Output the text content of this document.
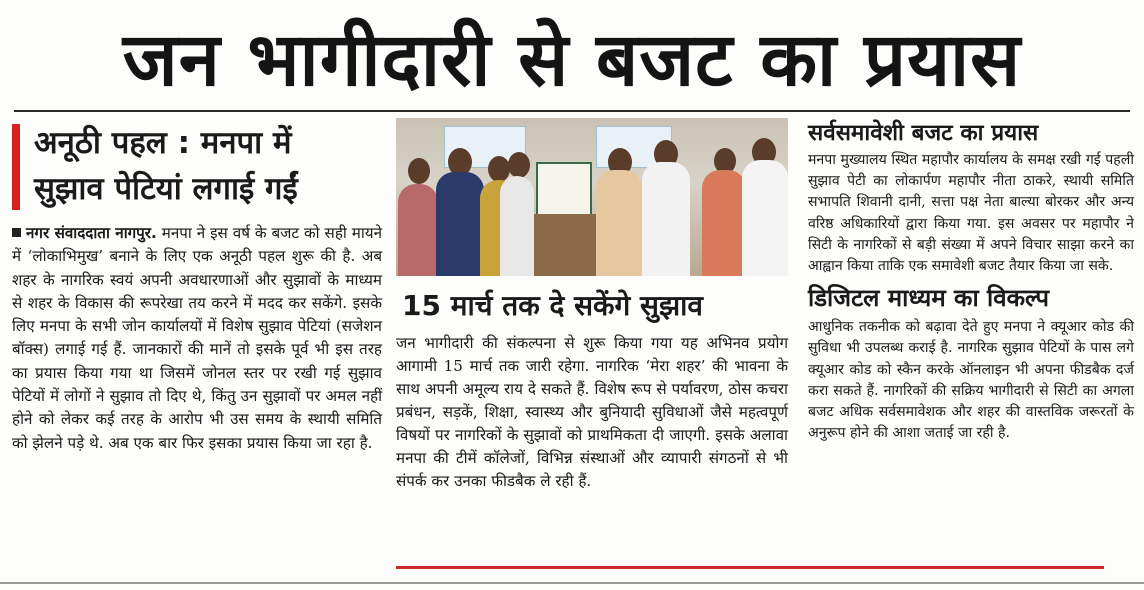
जन भागीदारी से बजट का प्रयास
अनूठी पहल : मनपा में
सुझाव पेटियां लगाई गईं
नगर संवाददाता नागपुर. मनपा ने इस वर्ष के बजट को सही मायने में ‘लोकाभिमुख’ बनाने के लिए एक अनूठी पहल शुरू की है. अब शहर के नागरिक स्वयं अपनी अवधारणाओं और सुझावों के माध्यम से शहर के विकास की रूपरेखा तय करने में मदद कर सकेंगे. इसके लिए मनपा के सभी जोन कार्यालयों में विशेष सुझाव पेटियां (सजेशन बॉक्स) लगाई गई हैं. जानकारों की मानें तो इसके पूर्व भी इस तरह का प्रयास किया गया था जिसमें जोनल स्तर पर रखी गई सुझाव पेटियों में लोगों ने सुझाव तो दिए थे, किंतु उन सुझावों पर अमल नहीं होने को लेकर कई तरह के आरोप भी उस समय के स्थायी समिति को झेलने पड़े थे. अब एक बार फिर इसका प्रयास किया जा रहा है.
15 मार्च तक दे सकेंगे सुझाव
जन भागीदारी की संकल्पना से शुरू किया गया यह अभिनव प्रयोग आगामी 15 मार्च तक जारी रहेगा. नागरिक ‘मेरा शहर’ की भावना के साथ अपनी अमूल्य राय दे सकते हैं. विशेष रूप से पर्यावरण, ठोस कचरा प्रबंधन, सड़कें, शिक्षा, स्वास्थ्य और बुनियादी सुविधाओं जैसे महत्वपूर्ण विषयों पर नागरिकों के सुझावों को प्राथमिकता दी जाएगी. इसके अलावा मनपा की टीमें कॉलेजों, विभिन्न संस्थाओं और व्यापारी संगठनों से भी संपर्क कर उनका फीडबैक ले रही हैं.
सर्वसमावेशी बजट का प्रयास
मनपा मुख्यालय स्थित महापौर कार्यालय के समक्ष रखी गई पहली सुझाव पेटी का लोकार्पण महापौर नीता ठाकरे, स्थायी समिति सभापति शिवानी दानी, सत्ता पक्ष नेता बाल्या बोरकर और अन्य वरिष्ठ अधिकारियों द्वारा किया गया. इस अवसर पर महापौर ने सिटी के नागरिकों से बड़ी संख्या में अपने विचार साझा करने का आह्वान किया ताकि एक समावेशी बजट तैयार किया जा सके.
डिजिटल माध्यम का विकल्प
आधुनिक तकनीक को बढ़ावा देते हुए मनपा ने क्यूआर कोड की सुविधा भी उपलब्ध कराई है. नागरिक सुझाव पेटियों के पास लगे क्यूआर कोड को स्कैन करके ऑनलाइन भी अपना फीडबैक दर्ज करा सकते हैं. नागरिकों की सक्रिय भागीदारी से सिटी का अगला बजट अधिक सर्वसमावेशक और शहर की वास्तविक जरूरतों के अनुरूप होने की आशा जताई जा रही है.
